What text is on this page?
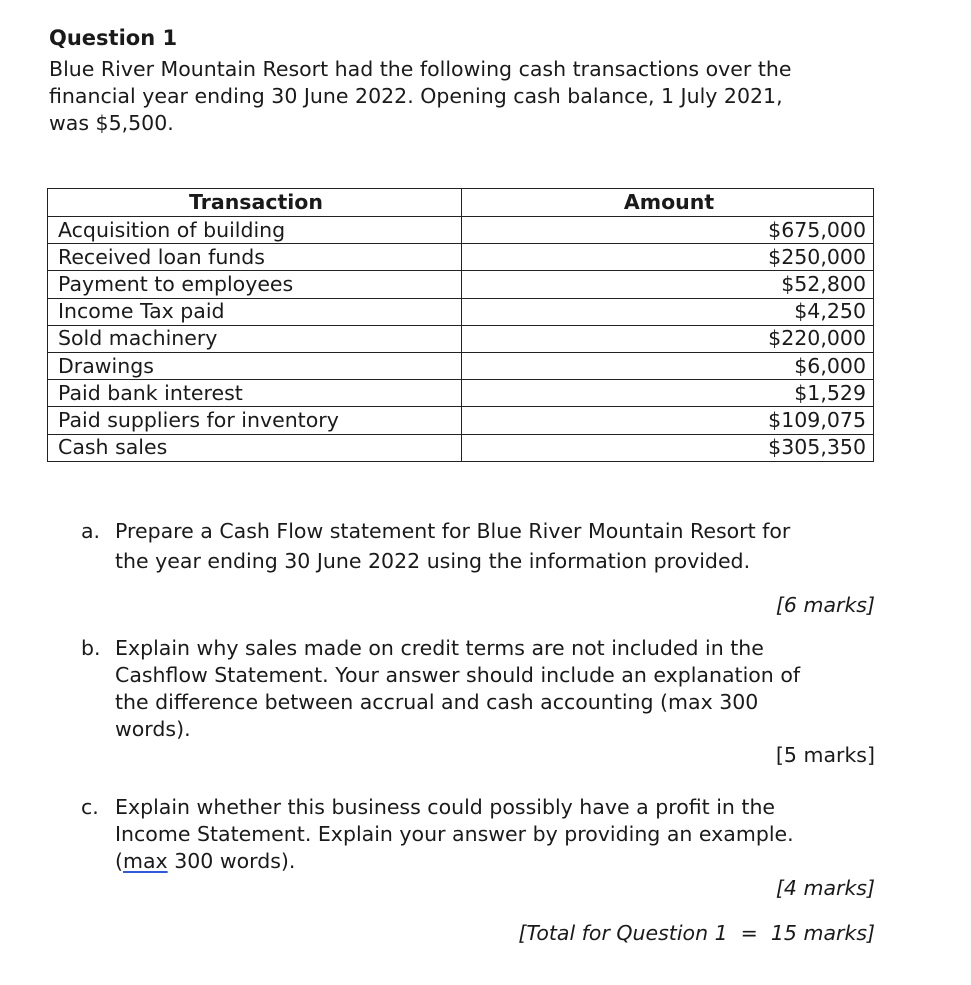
Question 1
Blue River Mountain Resort had the following cash transactions over the
financial year ending 30 June 2022. Opening cash balance, 1 July 2021,
was $5,500.
Transaction	Amount
Acquisition of building	$675,000
Received loan funds	$250,000
Payment to employees	$52,800
Income Tax paid	$4,250
Sold machinery	$220,000
Drawings	$6,000
Paid bank interest	$1,529
Paid suppliers for inventory	$109,075
Cash sales	$305,350
a. Prepare a Cash Flow statement for Blue River Mountain Resort for
the year ending 30 June 2022 using the information provided.
[6 marks]
b. Explain why sales made on credit terms are not included in the
Cashflow Statement. Your answer should include an explanation of
the difference between accrual and cash accounting (max 300
words).
[5 marks]
c. Explain whether this business could possibly have a profit in the
Income Statement. Explain your answer by providing an example.
(max 300 words).
[4 marks]
[Total for Question 1  =  15 marks]
